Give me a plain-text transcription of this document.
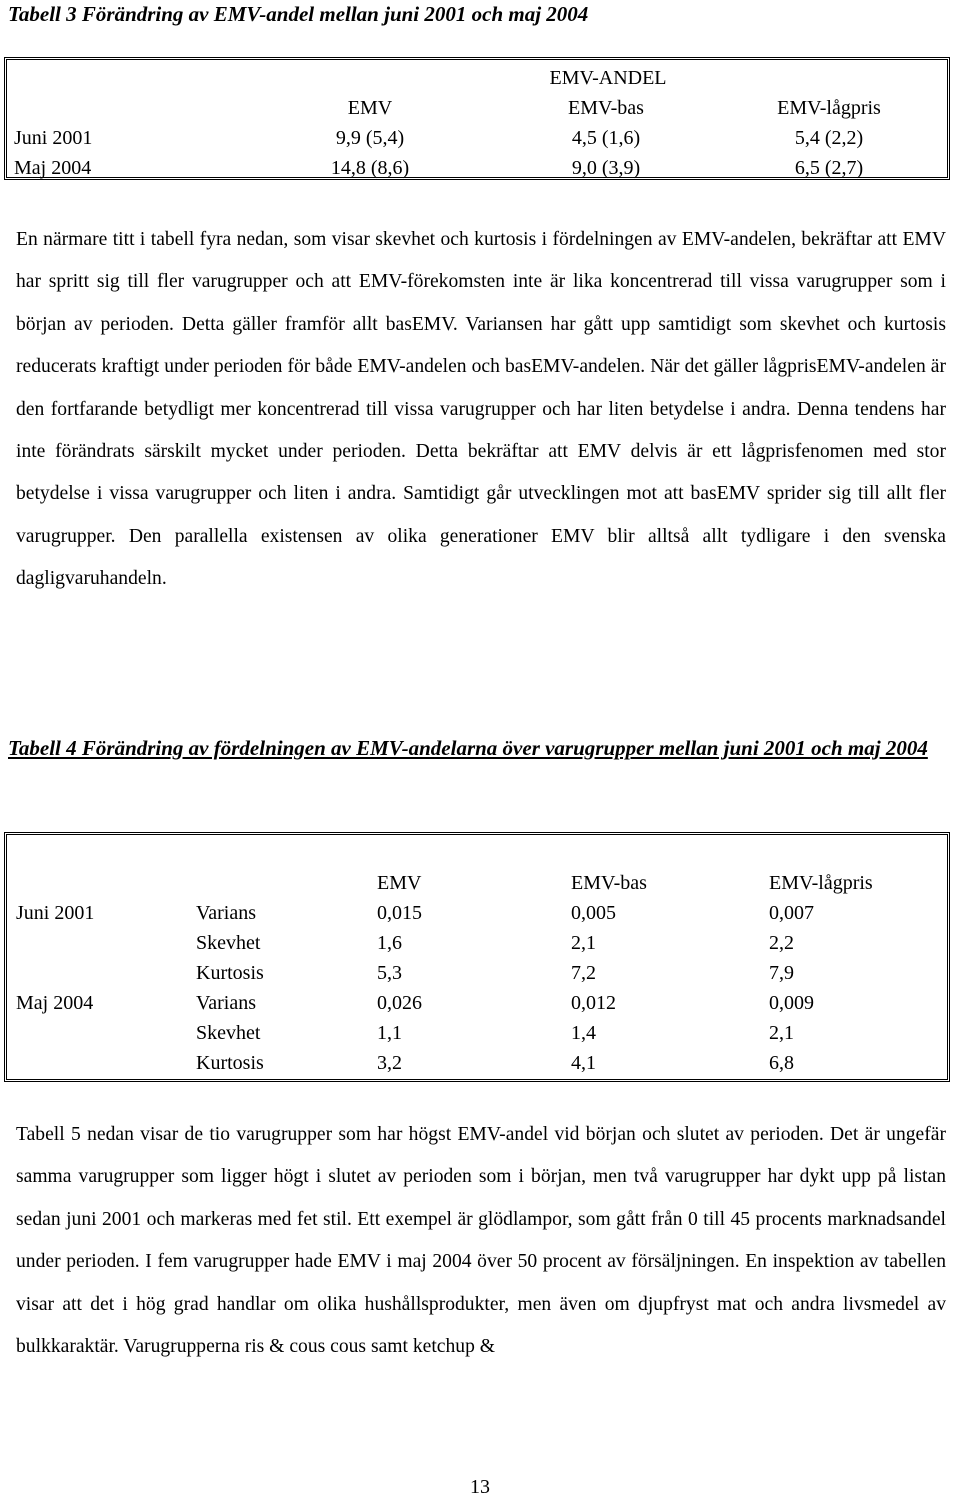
Tabell 3 Förändring av EMV-andel mellan juni 2001 och maj 2004
	EMV-ANDEL		
	EMV	EMV-bas	EMV-lågpris
Juni 2001	9,9 (5,4)	4,5 (1,6)	5,4 (2,2)
Maj 2004	14,8 (8,6)	9,0 (3,9)	6,5 (2,7)
En närmare titt i tabell fyra nedan, som visar skevhet och kurtosis i fördelningen av EMV-andelen, bekräftar att EMV har spritt sig till fler varugrupper och att EMV-förekomsten inte är lika koncentrerad till vissa varugrupper som i början av perioden. Detta gäller framför allt basEMV. Variansen har gått upp samtidigt som skevhet och kurtosis reducerats kraftigt under perioden för både EMV-andelen och basEMV-andelen. När det gäller lågprisEMV-andelen är den fortfarande betydligt mer koncentrerad till vissa varugrupper och har liten betydelse i andra. Denna tendens har inte förändrats särskilt mycket under perioden. Detta bekräftar att EMV delvis är ett lågprisfenomen med stor betydelse i vissa varugrupper och liten i andra. Samtidigt går utvecklingen mot att basEMV sprider sig till allt fler varugrupper. Den parallella existensen av olika generationer EMV blir alltså allt tydligare i den svenska dagligvaruhandeln.
Tabell 4 Förändring av fördelningen av EMV-andelarna över varugrupper mellan juni 2001 och maj 2004

		EMV	EMV-bas	EMV-lågpris
Juni 2001	Varians	0,015	0,005	0,007
	Skevhet	1,6	2,1	2,2
	Kurtosis	5,3	7,2	7,9
Maj 2004	Varians	0,026	0,012	0,009
	Skevhet	1,1	1,4	2,1
	Kurtosis	3,2	4,1	6,8
Tabell 5 nedan visar de tio varugrupper som har högst EMV-andel vid början och slutet av perioden. Det är ungefär samma varugrupper som ligger högt i slutet av perioden som i början, men två varugrupper har dykt upp på listan sedan juni 2001 och markeras med fet stil. Ett exempel är glödlampor, som gått från 0 till 45 procents marknadsandel under perioden. I fem varugrupper hade EMV i maj 2004 över 50 procent av försäljningen. En inspektion av tabellen visar att det i hög grad handlar om olika hushållsprodukter, men även om djupfryst mat och andra livsmedel av bulkkaraktär. Varugrupperna ris & cous cous samt ketchup &
13
